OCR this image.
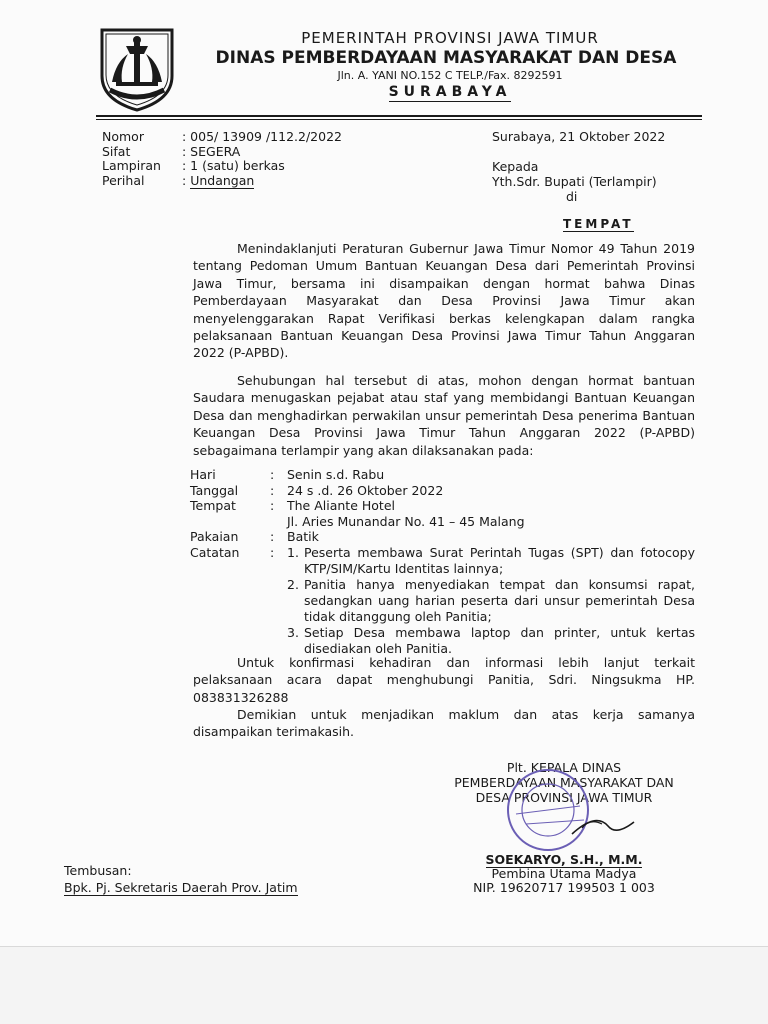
PEMERINTAH PROVINSI JAWA TIMUR
DINAS PEMBERDAYAAN MASYARAKAT DAN DESA
Jln. A. YANI NO.152 C TELP./Fax. 8292591
SURABAYA
Nomor	: 005/ 13909 /112.2/2022
Sifat	: SEGERA
Lampiran : 1 (satu) berkas
Perihal	: Undangan
Surabaya, 21 Oktober 2022
Kepada
Yth.Sdr. Bupati (Terlampir)
di
TEMPAT

Menindaklanjuti Peraturan Gubernur Jawa Timur Nomor 49 Tahun 2019 tentang Pedoman Umum Bantuan Keuangan Desa dari Pemerintah Provinsi Jawa Timur, bersama ini disampaikan dengan hormat bahwa Dinas Pemberdayaan Masyarakat dan Desa Provinsi Jawa Timur akan menyelenggarakan Rapat Verifikasi berkas kelengkapan dalam rangka pelaksanaan Bantuan Keuangan Desa Provinsi Jawa Timur Tahun Anggaran 2022 (P-APBD).

Sehubungan hal tersebut di atas, mohon dengan hormat bantuan Saudara menugaskan pejabat atau staf yang membidangi Bantuan Keuangan Desa dan menghadirkan perwakilan unsur pemerintah Desa penerima Bantuan Keuangan Desa Provinsi Jawa Timur Tahun Anggaran 2022 (P-APBD) sebagaimana terlampir yang akan dilaksanakan pada:

Hari	: Senin s.d. Rabu
Tanggal	: 24 s .d. 26 Oktober 2022
Tempat	: The Aliante Hotel
Jl. Aries Munandar No. 41 – 45 Malang
Pakaian	: Batik
Catatan : 1. Peserta membawa Surat Perintah Tugas (SPT) dan fotocopy KTP/SIM/Kartu Identitas lainnya;
2. Panitia hanya menyediakan tempat dan konsumsi rapat, sedangkan uang harian peserta dari unsur pemerintah Desa tidak ditanggung oleh Panitia;
3. Setiap Desa membawa laptop dan printer, untuk kertas disediakan oleh Panitia.

Untuk konfirmasi kehadiran dan informasi lebih lanjut terkait pelaksanaan acara dapat menghubungi Panitia, Sdri. Ningsukma HP. 083831326288

Demikian untuk menjadikan maklum dan atas kerja samanya disampaikan terimakasih.

Plt. KEPALA DINAS
PEMBERDAYAAN MASYARAKAT DAN
DESA PROVINSI JAWA TIMUR
SOEKARYO, S.H., M.M.
Pembina Utama Madya
NIP. 19620717 199503 1 003
Tembusan:
Bpk. Pj. Sekretaris Daerah Prov. Jatim
